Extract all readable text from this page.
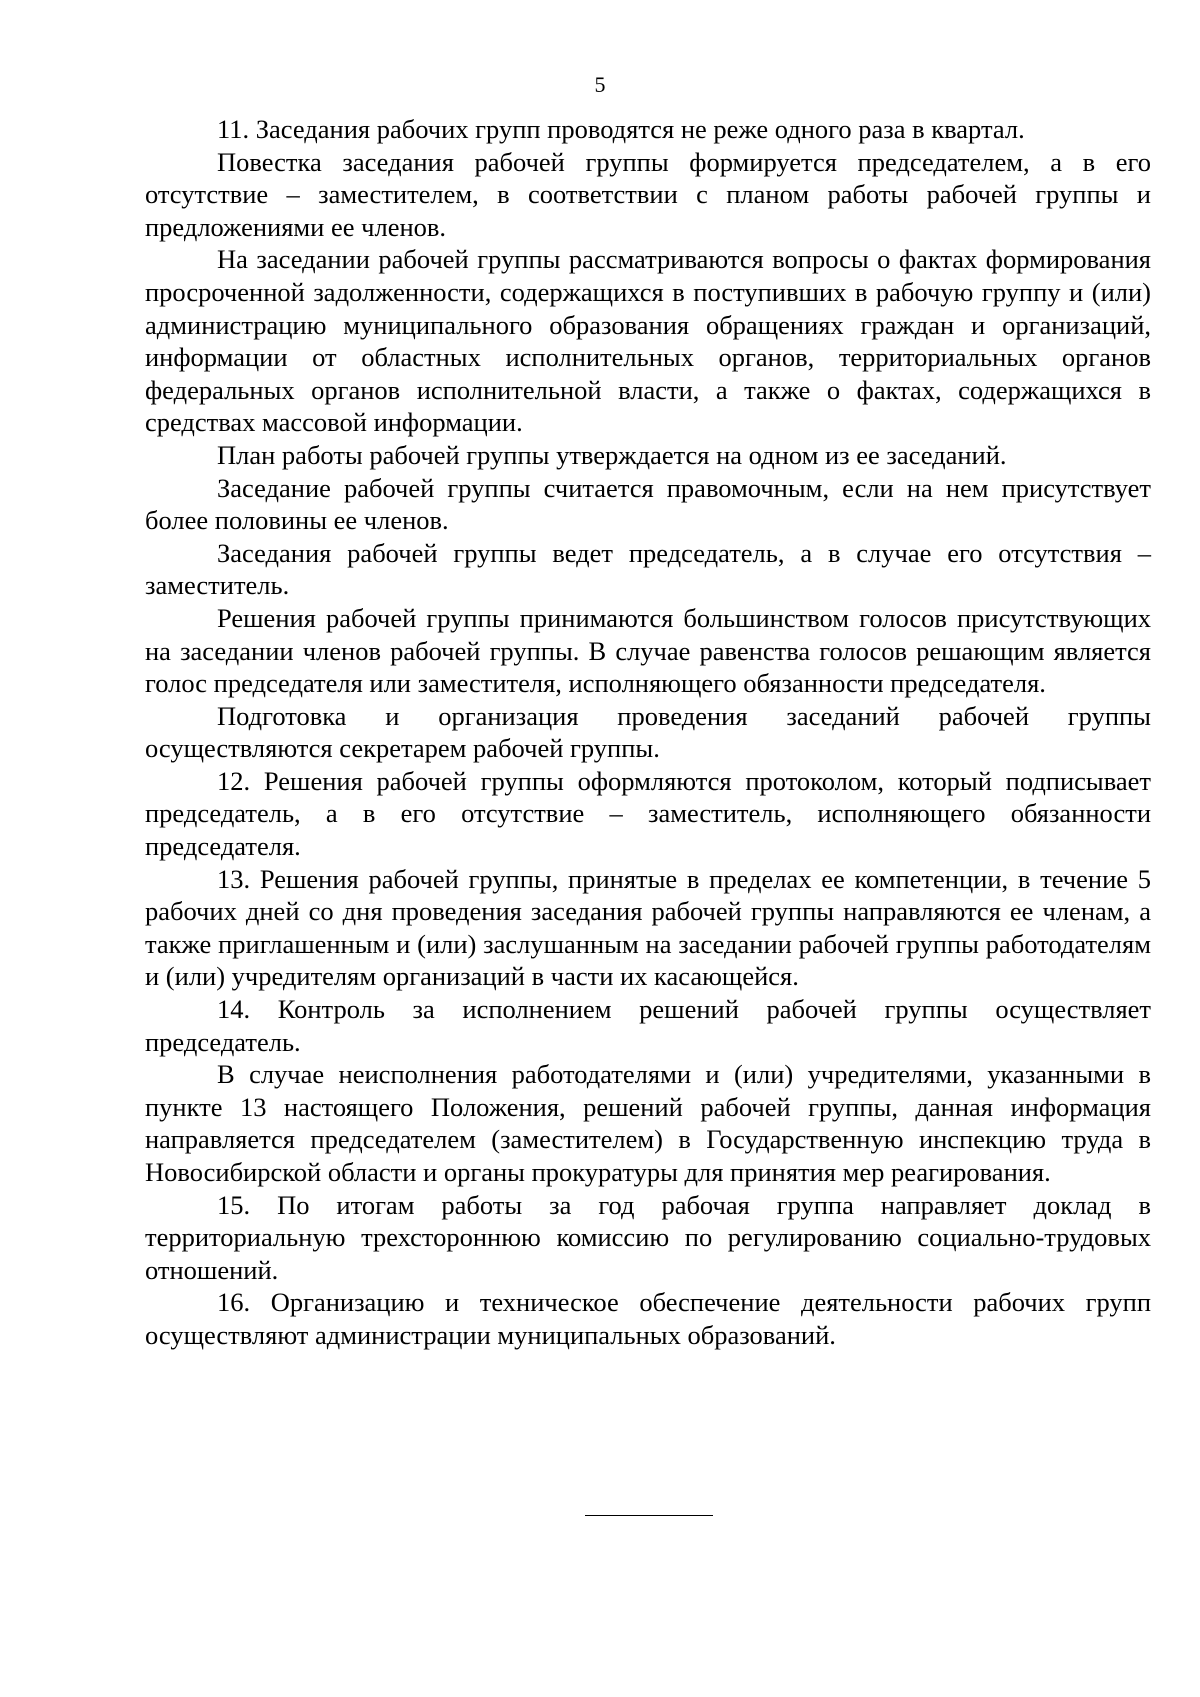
5

11. Заседания рабочих групп проводятся не реже одного раза в квартал.

Повестка заседания рабочей группы формируется председателем, а в его отсутствие – заместителем, в соответствии с планом работы рабочей группы и предложениями ее членов.

На заседании рабочей группы рассматриваются вопросы о фактах формирования просроченной задолженности, содержащихся в поступивших в рабочую группу и (или) администрацию муниципального образования обращениях граждан и организаций, информации от областных исполнительных органов, территориальных органов федеральных органов исполнительной власти, а также о фактах, содержащихся в средствах массовой информации.

План работы рабочей группы утверждается на одном из ее заседаний.

Заседание рабочей группы считается правомочным, если на нем присутствует более половины ее членов.

Заседания рабочей группы ведет председатель, а в случае его отсутствия – заместитель.

Решения рабочей группы принимаются большинством голосов присутствующих на заседании членов рабочей группы. В случае равенства голосов решающим является голос председателя или заместителя, исполняющего обязанности председателя.

Подготовка и организация проведения заседаний рабочей группы осуществляются секретарем рабочей группы.

12. Решения рабочей группы оформляются протоколом, который подписывает председатель, а в его отсутствие – заместитель, исполняющего обязанности председателя.

13. Решения рабочей группы, принятые в пределах ее компетенции, в течение 5 рабочих дней со дня проведения заседания рабочей группы направляются ее членам, а также приглашенным и (или) заслушанным на заседании рабочей группы работодателям и (или) учредителям организаций в части их касающейся.

14. Контроль за исполнением решений рабочей группы осуществляет председатель.

В случае неисполнения работодателями и (или) учредителями, указанными в пункте 13 настоящего Положения, решений рабочей группы, данная информация направляется председателем (заместителем) в Государственную инспекцию труда в Новосибирской области и органы прокуратуры для принятия мер реагирования.

15. По итогам работы за год рабочая группа направляет доклад в территориальную трехстороннюю комиссию по регулированию социально-трудовых отношений.

16. Организацию и техническое обеспечение деятельности рабочих групп осуществляют администрации муниципальных образований.
